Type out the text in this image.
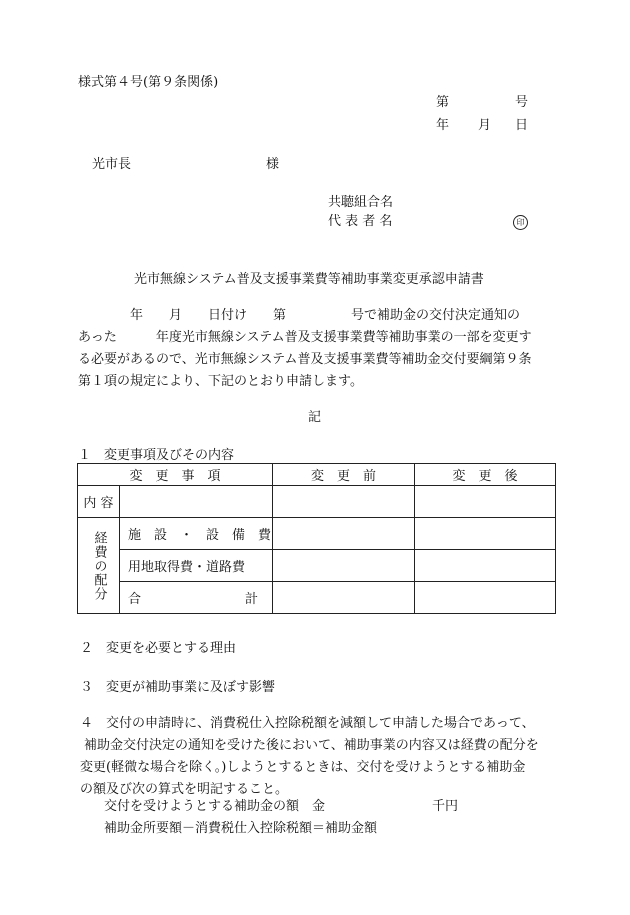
様式第４号(第９条関係)
第	号
年 月 日
光市長	様
共聴組合名
代 表 者 名	印
光市無線システム普及支援事業費等補助事業変更承認申請書
　　　　年　　月　　日付け　　第　　　　　号で補助金の交付決定通知の
あった　　　年度光市無線システム普及支援事業費等補助事業の一部を変更す
る必要があるので、光市無線システム普及支援事業費等補助金交付要綱第９条
第１項の規定により、下記のとおり申請します。
記
１　変更事項及びその内容
変　更　事　項		変　更　前	変　更　後
内 容			

経費の配分	施　設　・　設　備　費		
	用地取得費・道路費		
	合 計		

２　変更を必要とする理由
３　変更が補助事業に及ぼす影響
４　交付の申請時に、消費税仕入控除税額を減額して申請した場合であって、
補助金交付決定の通知を受けた後において、補助事業の内容又は経費の配分を
変更(軽微な場合を除く。)しようとするときは、交付を受けようとする補助金
の額及び次の算式を明記すること。
交付を受けようとする補助金の額　金	千円
補助金所要額－消費税仕入控除税額＝補助金額
